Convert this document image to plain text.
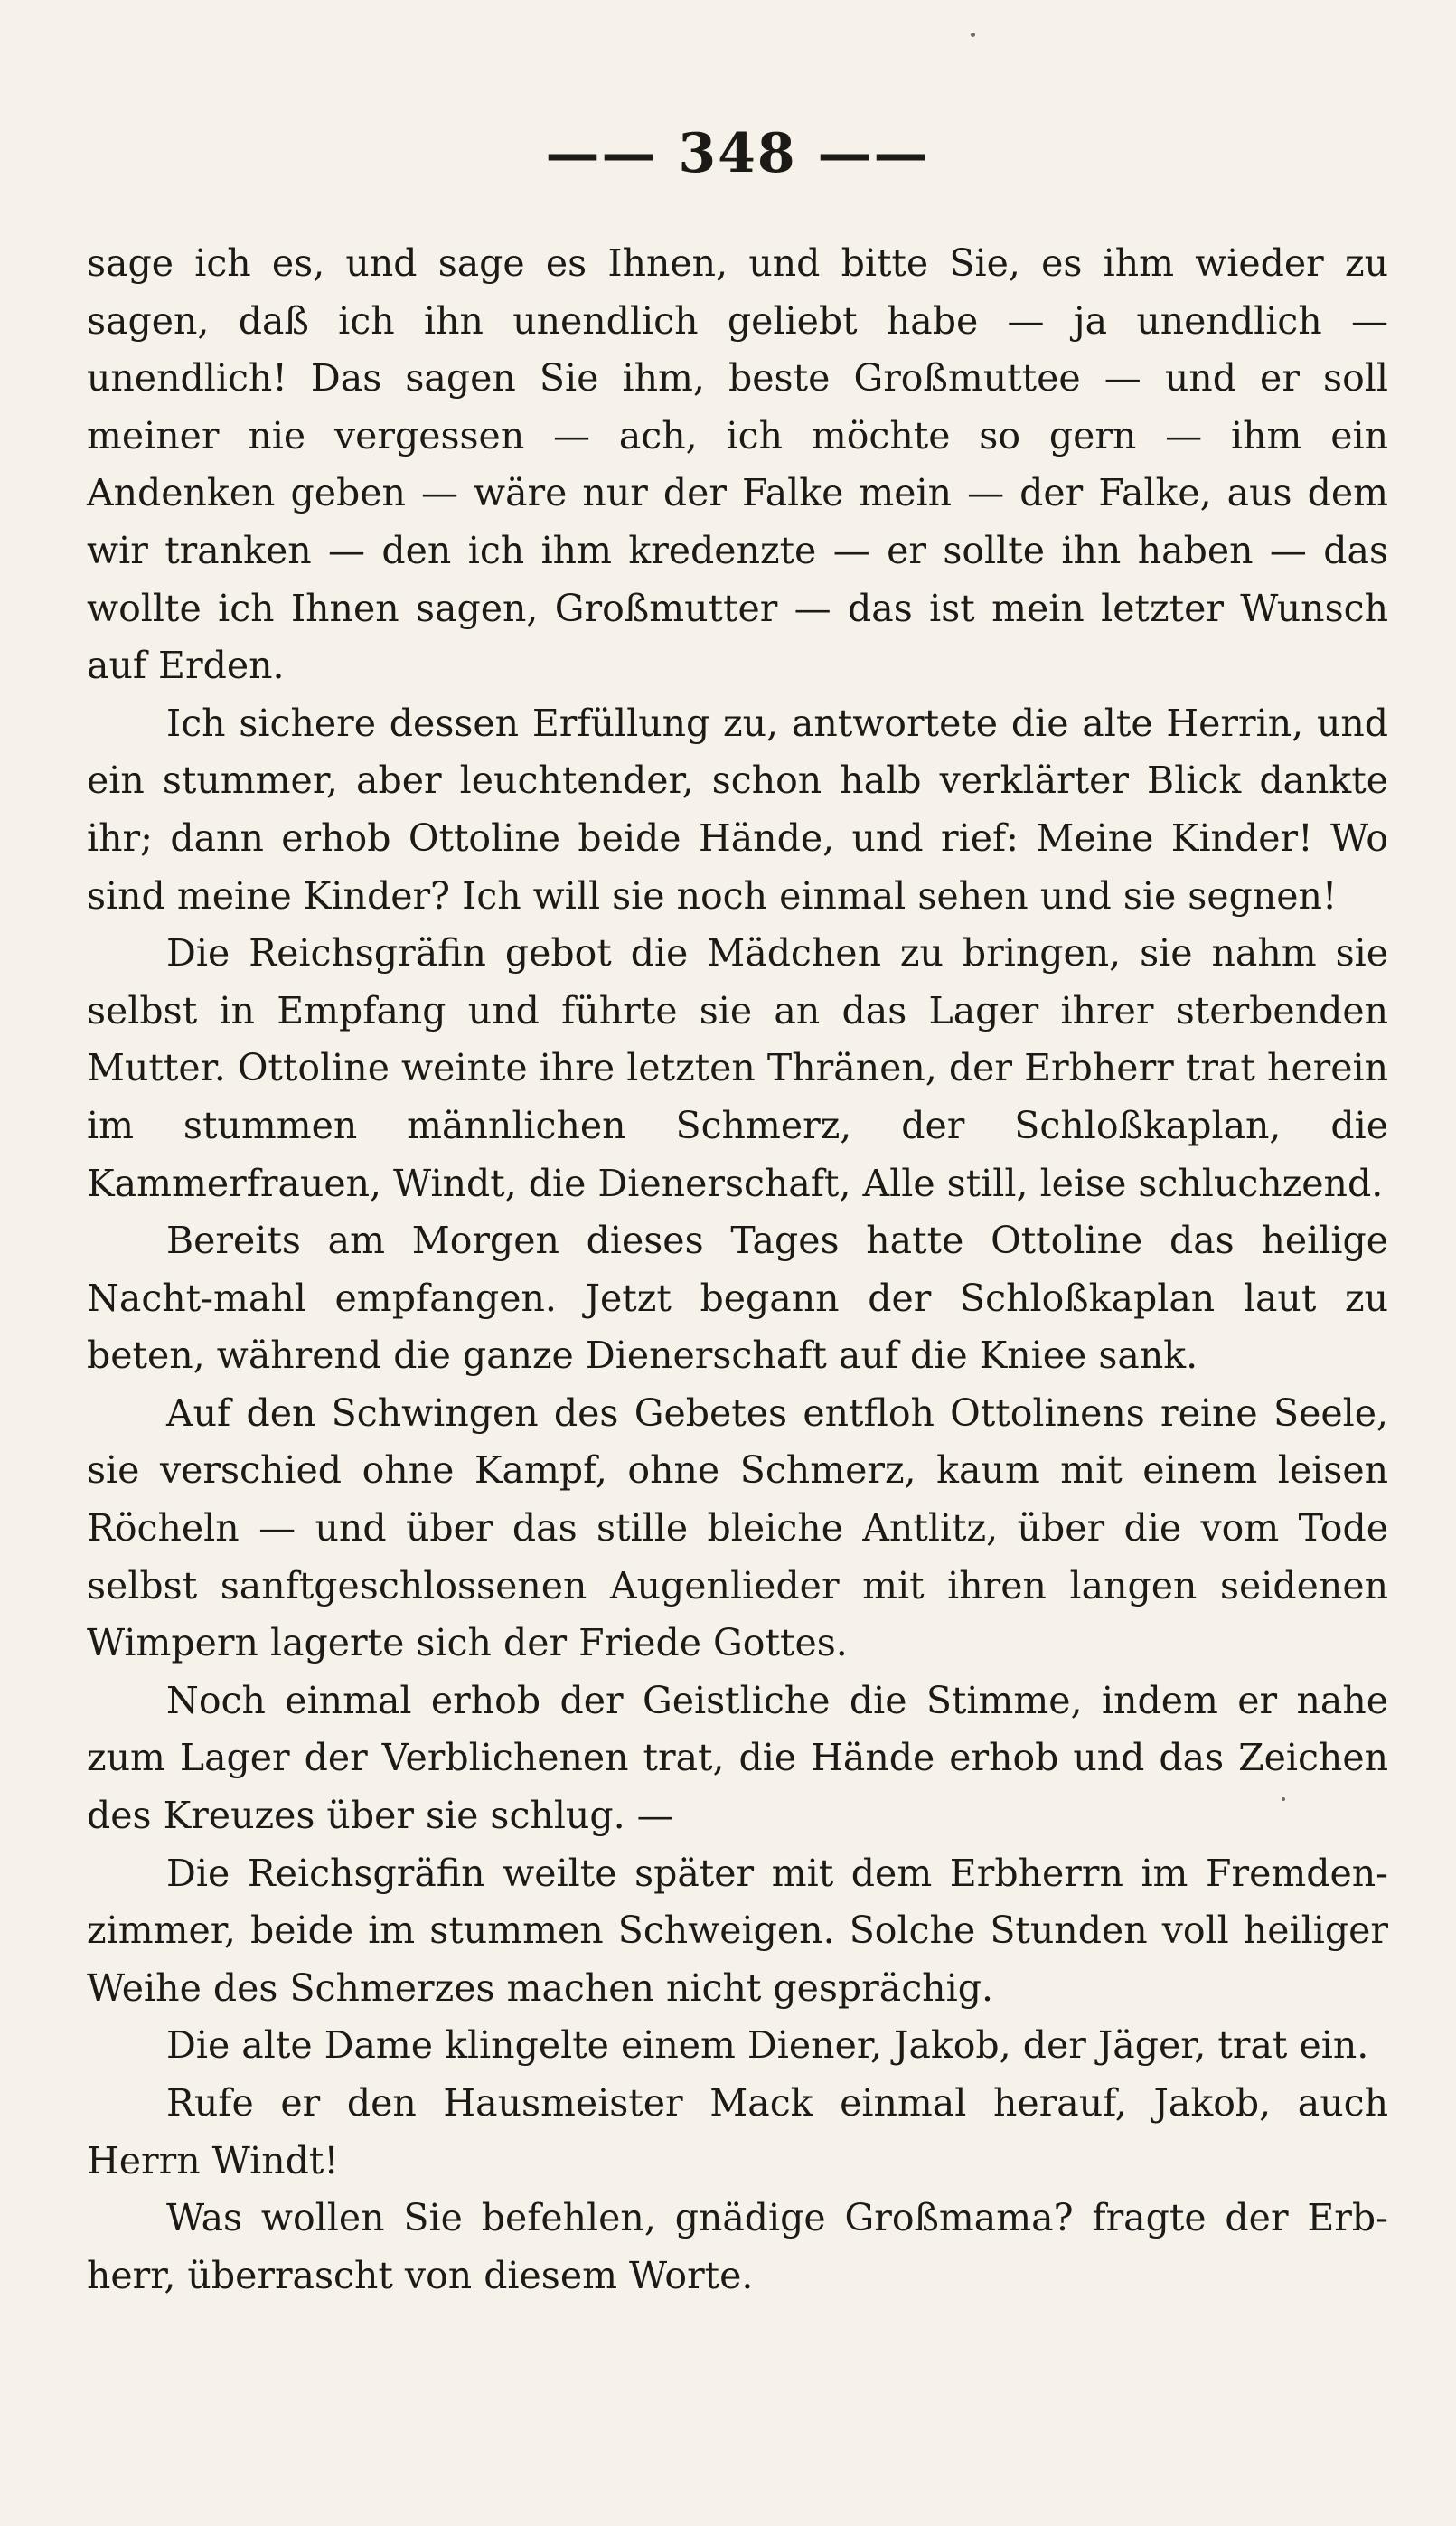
—— 348 ——

sage ich es, und sage es Ihnen, und bitte Sie, es ihm wieder zu sagen, daß ich ihn unendlich geliebt habe — ja unendlich — unendlich! Das sagen Sie ihm, beste Großmuttee — und er soll meiner nie vergessen — ach, ich möchte so gern — ihm ein Andenken geben — wäre nur der Falke mein — der Falke, aus dem wir tranken — den ich ihm kredenzte — er sollte ihn haben — das wollte ich Ihnen sagen, Großmutter — das ist mein letzter Wunsch auf Erden.

Ich sichere dessen Erfüllung zu, antwortete die alte Herrin, und ein stummer, aber leuchtender, schon halb verklärter Blick dankte ihr; dann erhob Ottoline beide Hände, und rief: Meine Kinder! Wo sind meine Kinder? Ich will sie noch einmal sehen und sie segnen!

Die Reichsgräfin gebot die Mädchen zu bringen, sie nahm sie selbst in Empfang und führte sie an das Lager ihrer sterbenden Mutter. Ottoline weinte ihre letzten Thränen, der Erbherr trat herein im stummen männlichen Schmerz, der Schloßkaplan, die Kammerfrauen, Windt, die Dienerschaft, Alle still, leise schluchzend.

Bereits am Morgen dieses Tages hatte Ottoline das heilige Nacht-mahl empfangen. Jetzt begann der Schloßkaplan laut zu beten, während die ganze Dienerschaft auf die Kniee sank.

Auf den Schwingen des Gebetes entfloh Ottolinens reine Seele, sie verschied ohne Kampf, ohne Schmerz, kaum mit einem leisen Röcheln — und über das stille bleiche Antlitz, über die vom Tode selbst sanftgeschlossenen Augenlieder mit ihren langen seidenen Wimpern lagerte sich der Friede Gottes.

Noch einmal erhob der Geistliche die Stimme, indem er nahe zum Lager der Verblichenen trat, die Hände erhob und das Zeichen des Kreuzes über sie schlug. —

Die Reichsgräfin weilte später mit dem Erbherrn im Fremden-zimmer, beide im stummen Schweigen. Solche Stunden voll heiliger Weihe des Schmerzes machen nicht gesprächig.

Die alte Dame klingelte einem Diener, Jakob, der Jäger, trat ein.

Rufe er den Hausmeister Mack einmal herauf, Jakob, auch Herrn Windt!

Was wollen Sie befehlen, gnädige Großmama? fragte der Erb-herr, überrascht von diesem Worte.
